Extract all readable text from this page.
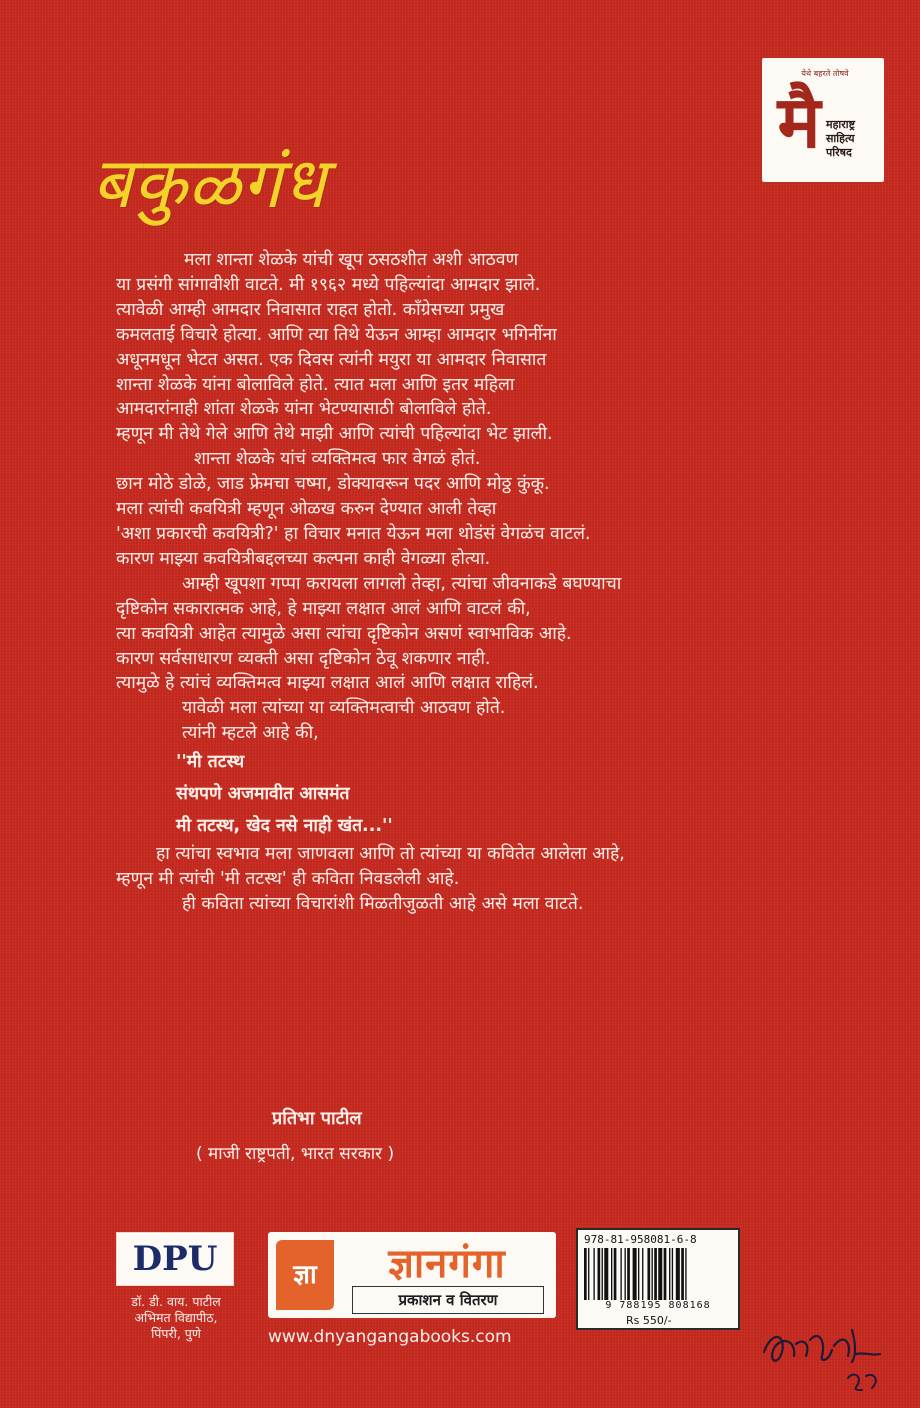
बकुळगंध
येथे बहरते तोषवे
मै महाराष्ट्र
साहित्य
परिषद

मला शान्ता शेळके यांची खूप ठसठशीत अशी आठवण

या प्रसंगी सांगावीशी वाटते. मी १९६२ मध्ये पहिल्यांदा आमदार झाले.

त्यावेळी आम्ही आमदार निवासात राहत होतो. काँग्रेसच्या प्रमुख

कमलताई विचारे होत्या. आणि त्या तिथे येऊन आम्हा आमदार भगिनींना

अधूनमधून भेटत असत. एक दिवस त्यांनी मयुरा या आमदार निवासात

शान्ता शेळके यांना बोलाविले होते. त्यात मला आणि इतर महिला

आमदारांनाही शांता शेळके यांना भेटण्यासाठी बोलाविले होते.

म्हणून मी तेथे गेले आणि तेथे माझी आणि त्यांची पहिल्यांदा भेट झाली.

शान्ता शेळके यांचं व्यक्तिमत्व फार वेगळं होतं.

छान मोठे डोळे, जाड फ्रेमचा चष्मा, डोक्यावरून पदर आणि मोठ्ठ कुंकू.

मला त्यांची कवयित्री म्हणून ओळख करुन देण्यात आली तेव्हा

'अशा प्रकारची कवयित्री?' हा विचार मनात येऊन मला थोडंसं वेगळंच वाटलं.

कारण माझ्या कवयित्रीबद्दलच्या कल्पना काही वेगळ्या होत्या.

आम्ही खूपशा गप्पा करायला लागलो तेव्हा, त्यांचा जीवनाकडे बघण्याचा

दृष्टिकोन सकारात्मक आहे, हे माझ्या लक्षात आलं आणि वाटलं की,

त्या कवयित्री आहेत त्यामुळे असा त्यांचा दृष्टिकोन असणं स्वाभाविक आहे.

कारण सर्वसाधारण व्यक्ती असा दृष्टिकोन ठेवू शकणार नाही.

त्यामुळे हे त्यांचं व्यक्तिमत्व माझ्या लक्षात आलं आणि लक्षात राहिलं.

यावेळी मला त्यांच्या या व्यक्तिमत्वाची आठवण होते.

त्यांनी म्हटले आहे की,

''मी तटस्थ

संथपणे अजमावीत आसमंत

मी तटस्थ, खेद नसे नाही खंत...''

हा त्यांचा स्वभाव मला जाणवला आणि तो त्यांच्या या कवितेत आलेला आहे,

म्हणून मी त्यांची 'मी तटस्थ' ही कविता निवडलेली आहे.

ही कविता त्यांच्या विचारांशी मिळतीजुळती आहे असे मला वाटते.

प्रतिभा पाटील
( माजी राष्ट्रपती, भारत सरकार )
DPU
डॉ. डी. वाय. पाटील
अभिमत विद्यापीठ,
पिंपरी, पुणे
ज्ञा	ज्ञानगंगा
प्रकाशन व वितरण
www.dnyangangabooks.com
978-81-958081-6-8
9 788195 808168
Rs 550/-
